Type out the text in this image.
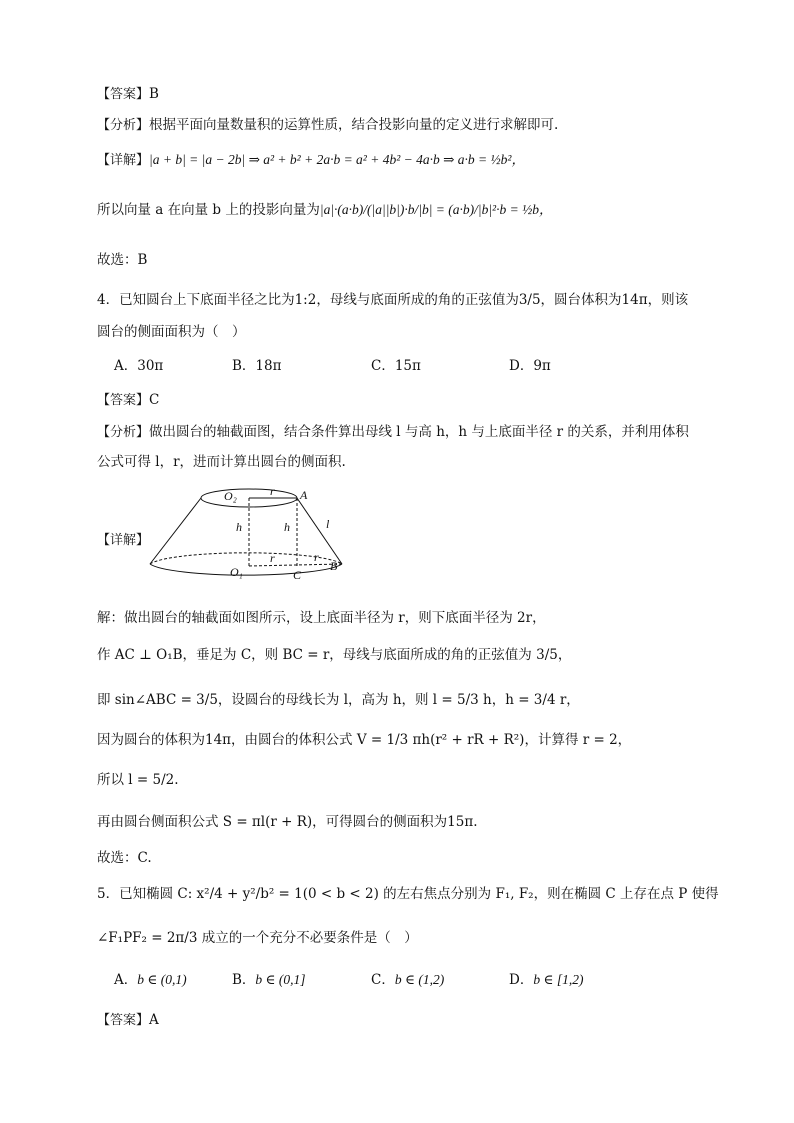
【答案】B
【分析】根据平面向量数量积的运算性质，结合投影向量的定义进行求解即可.
【详解】|a + b| = |a − 2b| ⇒ a² + b² + 2a·b = a² + 4b² − 4a·b ⇒ a·b = ½b²，
所以向量 a 在向量 b 上的投影向量为|a|·(a·b)/(|a||b|)·b/|b| = (a·b)/|b|²·b = ½b，
故选：B
4．已知圆台上下底面半径之比为1:2，母线与底面所成的角的正弦值为3/5，圆台体积为14π，则该
圆台的侧面面积为（　）
A．30π	B．18π	C．15π	D．9π
【答案】C
【分析】做出圆台的轴截面图，结合条件算出母线 l 与高 h，h 与上底面半径 r 的关系，并利用体积
公式可得 l，r，进而计算出圆台的侧面积.
【详解】
O₂	r A
h	h	l
r	r
O₁	C
B
解：做出圆台的轴截面如图所示，设上底面半径为 r，则下底面半径为 2r，
作 AC ⊥ O₁B，垂足为 C，则 BC = r，母线与底面所成的角的正弦值为 3/5，
即 sin∠ABC = 3/5，设圆台的母线长为 l，高为 h，则 l = 5/3 h，h = 3/4 r，
因为圆台的体积为14π，由圆台的体积公式 V = 1/3 πh(r² + rR + R²)，计算得 r = 2，
所以 l = 5/2.
再由圆台侧面积公式 S = πl(r + R)，可得圆台的侧面积为15π.
故选：C.
5．已知椭圆 C: x²/4 + y²/b² = 1(0 < b < 2) 的左右焦点分别为 F₁, F₂，则在椭圆 C 上存在点 P 使得
∠F₁PF₂ = 2π/3 成立的一个充分不必要条件是（　）
A．b ∈ (0,1)	B．b ∈ (0,1]	C．b ∈ (1,2)	D．b ∈ [1,2)
【答案】A
